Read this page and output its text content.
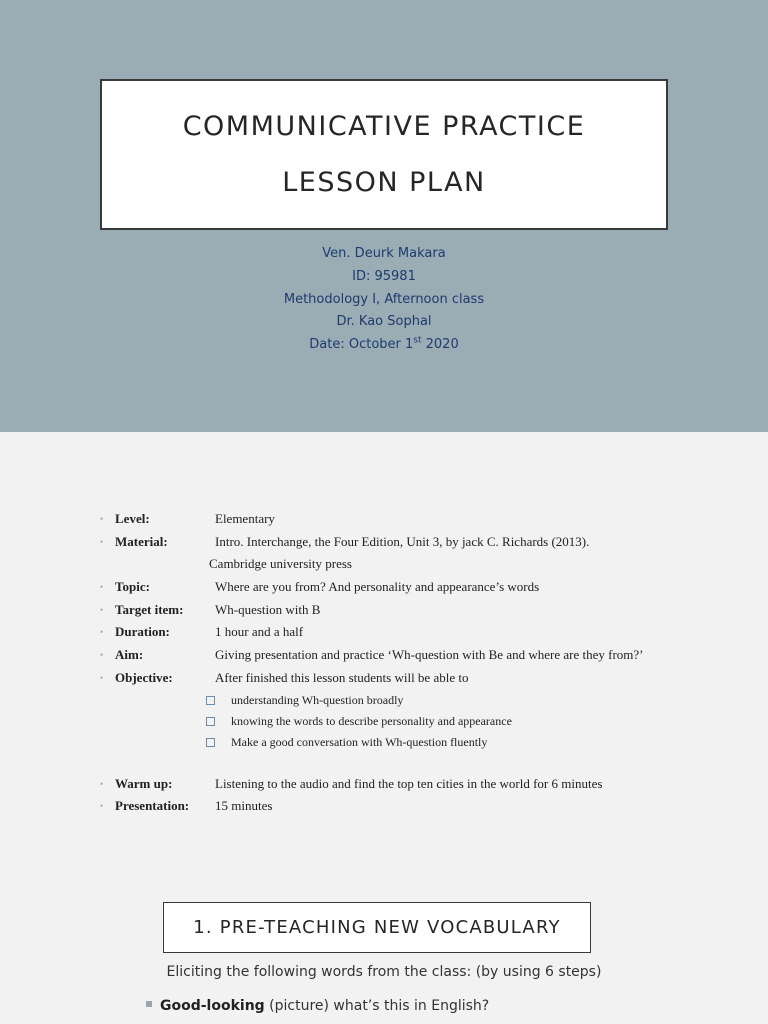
COMMUNICATIVE PRACTICE
LESSON PLAN
Ven. Deurk Makara
ID: 95981
Methodology I, Afternoon class
Dr. Kao Sophal
Date: October 1st 2020
• Level:	Elementary
• Material:	Intro. Interchange, the Four Edition, Unit 3, by jack C. Richards (2013).
Cambridge university press
• Topic:	Where are you from? And personality and appearance’s words
• Target item: Wh-question with B
• Duration:	1 hour and a half
• Aim:	Giving presentation and practice ‘Wh-question with Be and where are they from?’
• Objective:	After finished this lesson students will be able to
understanding Wh-question broadly
knowing the words to describe personality and appearance
Make a good conversation with Wh-question fluently
• Warm up:	Listening to the audio and find the top ten cities in the world for 6 minutes
• Presentation: 15 minutes
1. PRE-TEACHING NEW VOCABULARY
Eliciting the following words from the class: (by using 6 steps)
Good-looking (picture) what’s this in English?
